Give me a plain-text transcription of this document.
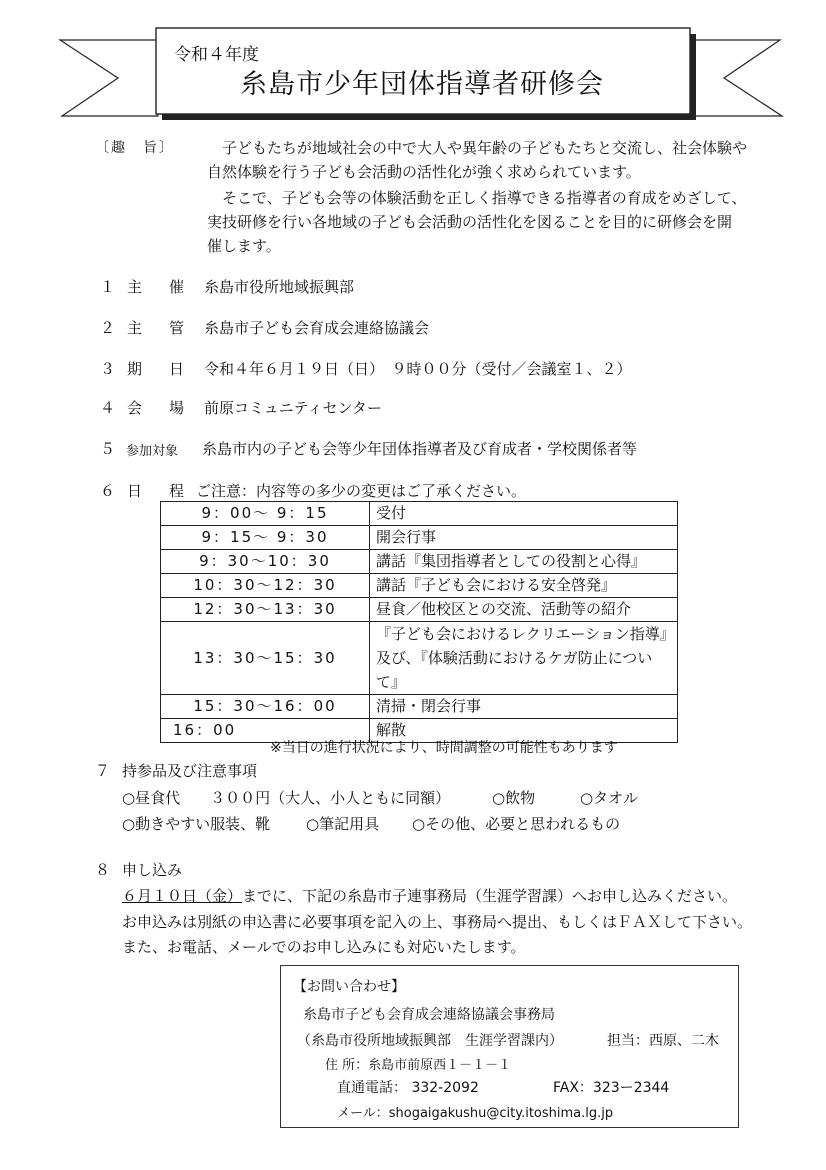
令和４年度
糸島市少年団体指導者研修会
〔趣　旨〕	子どもたちが地域社会の中で大人や異年齢の子どもたちと交流し、社会体験や
自然体験を行う子ども会活動の活性化が強く求められています。
そこで、子ども会等の体験活動を正しく指導できる指導者の育成をめざして、
実技研修を行い各地域の子ども会活動の活性化を図ることを目的に研修会を開
催します。
１ 主　催 糸島市役所地域振興部
２ 主　管 糸島市子ども会育成会連絡協議会
３ 期　日 令和４年６月１９日（日）　９時００分（受付／会議室１、２）
４ 会　場 前原コミュニティセンター
５ 参加対象 糸島市内の子ども会等少年団体指導者及び育成者・学校関係者等
６ 日　程 ご注意：内容等の多少の変更はご了承ください。
9：00～ 9：15	受付
9：15～ 9：30	開会行事
9：30～10：30	講話『集団指導者としての役割と心得』
10：30～12：30	講話『子ども会における安全啓発』
12：30～13：30	昼食／他校区との交流、活動等の紹介
13：30～15：30	『子ども会におけるレクリエーション指導』
及び、『体験活動におけるケガ防止について』

15：30～16：00	清掃・閉会行事
16：00	解散
※当日の進行状況により、時間調整の可能性もあります
７ 持参品及び注意事項
○昼食代　　３００円（大人、小人ともに同額）	○飲物	○タオル
○動きやすい服装、靴 ○筆記用具 ○その他、必要と思われるもの
８ 申し込み
６月１０日（金）までに、下記の糸島市子連事務局（生涯学習課）へお申し込みください。
お申込みは別紙の申込書に必要事項を記入の上、事務局へ提出、もしくはＦＡＸして下さい。
また、お電話、メールでのお申し込みにも対応いたします。
【お問い合わせ】
糸島市子ども会育成会連絡協議会事務局
（糸島市役所地域振興部　生涯学習課内）	担当：西原、二木
住 所：糸島市前原西１－１－１
直通電話： 332-2092	FAX：323ー2344
メール：shogaigakushu@city.itoshima.lg.jp
